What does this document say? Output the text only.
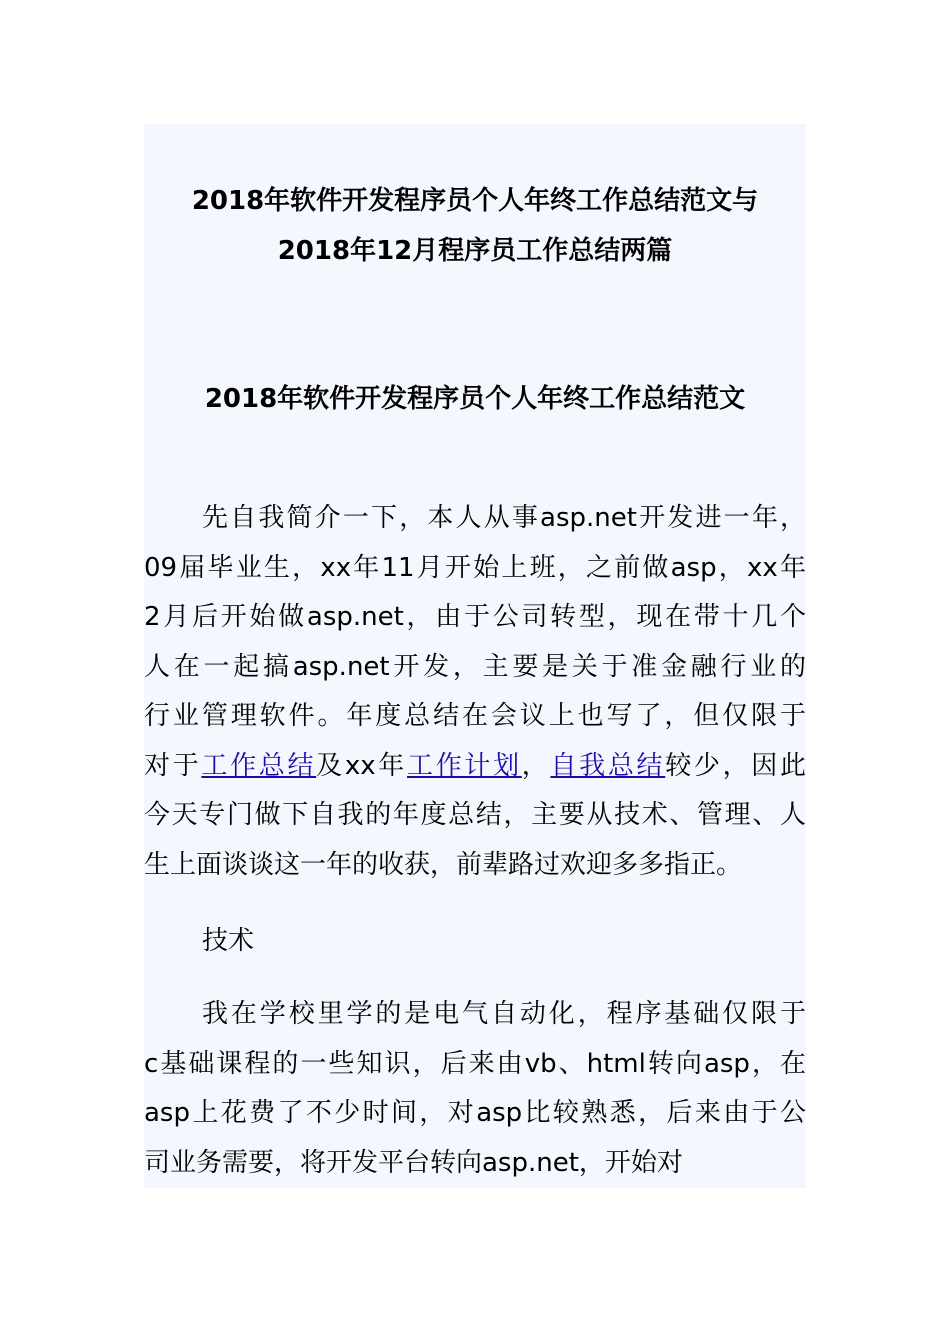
2018年软件开发程序员个人年终工作总结范文与
2018年12月程序员工作总结两篇
2018年软件开发程序员个人年终工作总结范文
先自我简介一下，本人从事asp.net开发进一年，
09届毕业生，xx年11月开始上班，之前做asp，xx年
2月后开始做asp.net，由于公司转型，现在带十几个
人在一起搞asp.net开发，主要是关于准金融行业的
行业管理软件。年度总结在会议上也写了，但仅限于
对于工作总结及xx年工作计划，自我总结较少，因此
今天专门做下自我的年度总结，主要从技术、管理、人
生上面谈谈这一年的收获，前辈路过欢迎多多指正。
技术
我在学校里学的是电气自动化，程序基础仅限于
c基础课程的一些知识，后来由vb、html转向asp，在
asp上花费了不少时间，对asp比较熟悉，后来由于公
司业务需要，将开发平台转向asp.net，开始对
